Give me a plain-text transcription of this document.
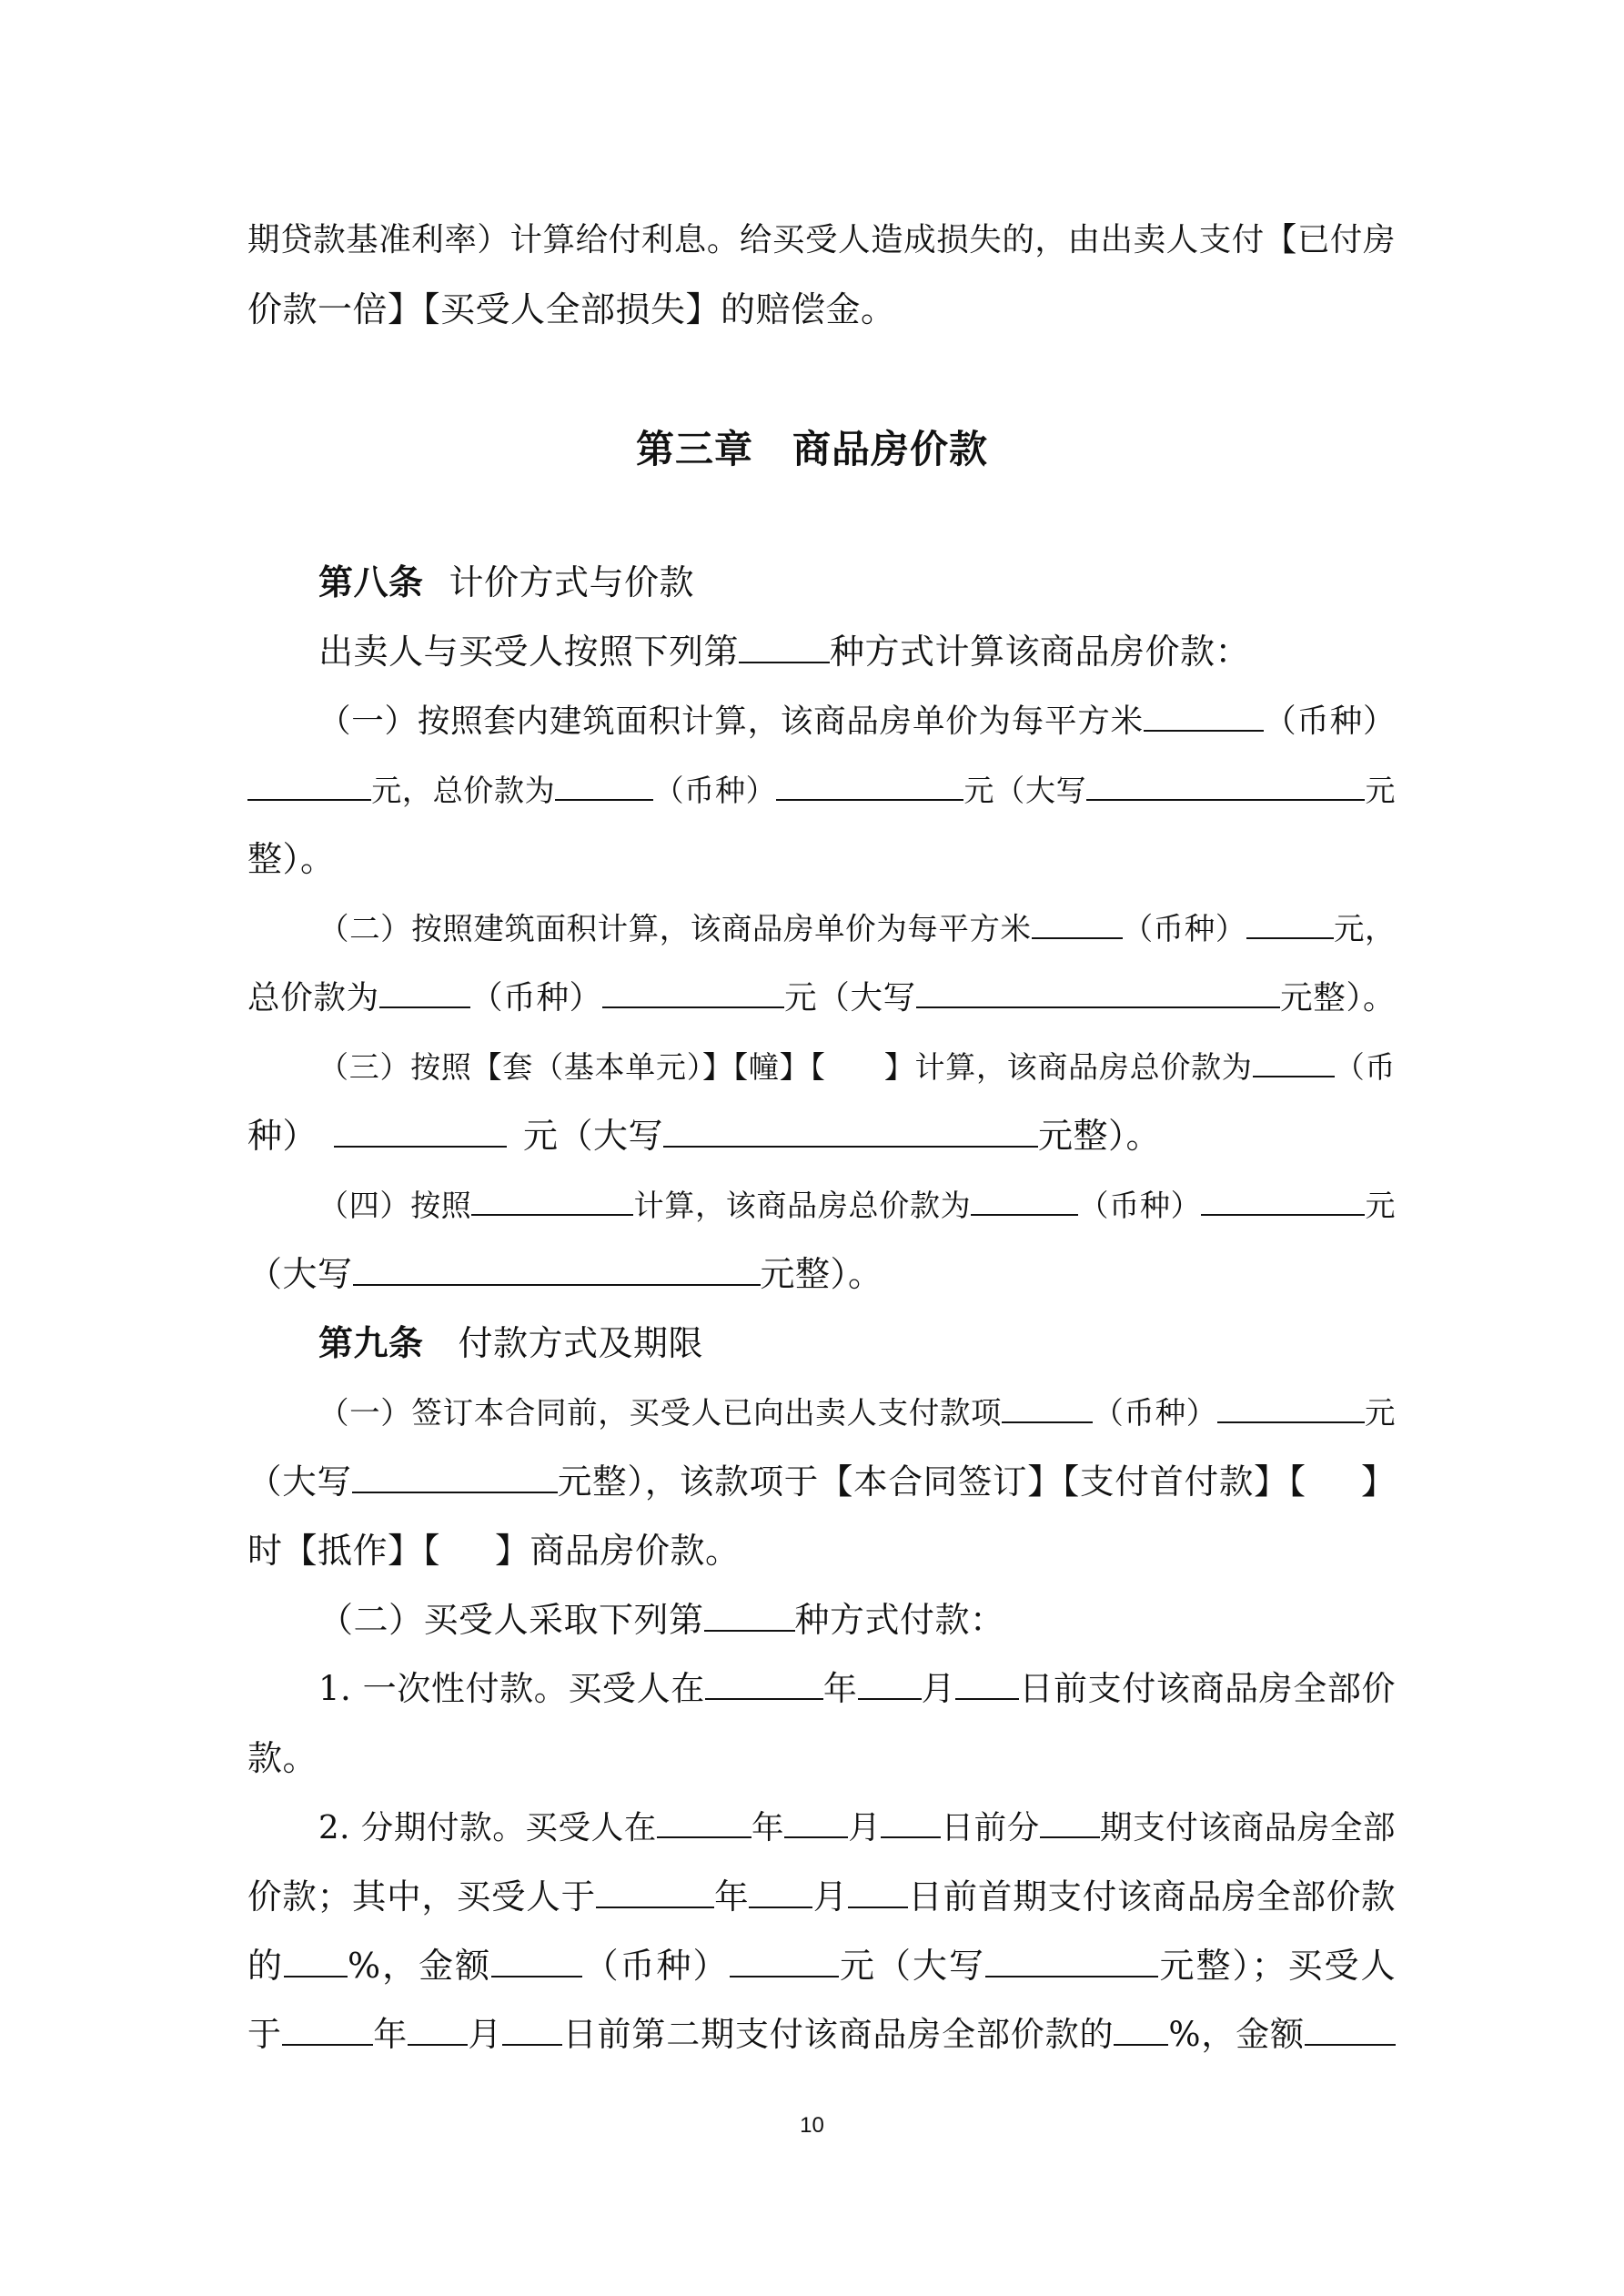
期贷款基准利率）计算给付利息。给买受人造成损失的，由出卖人支付【已付房
价款一倍】【买受人全部损失】的赔偿金。
第三章　商品房价款
第八条 计价方式与价款
出卖人与买受人按照下列第	种方式计算该商品房价款：
（一）按照套内建筑面积计算，该商品房单价为每平方米	（币种）
元，总价款为	（币种）	元（大写	元
整）。
（二）按照建筑面积计算，该商品房单价为每平方米	（币种）	元，
总价款为	（币种）	元（大写	元整）。
（三）按照【套（基本单元）】【幢】【 】计算，该商品房总价款为	（币
种）	元（大写	元整）。
（四）按照	计算，该商品房总价款为	（币种）	元
（大写	元整）。
第九条 付款方式及期限
（一）签订本合同前，买受人已向出卖人支付款项	（币种）	元
（大写	元整），该款项于【本合同签订】【支付首付款】【 】
时【抵作】【 】商品房价款。
（二）买受人采取下列第	种方式付款：
1. 一次性付款。买受人在	年 月 日前支付该商品房全部价
款。
2. 分期付款。买受人在	年 月 日前分 期支付该商品房全部
价款；其中，买受人于	年 月 日前首期支付该商品房全部价款
的 %，金额	（币种）	元（大写	元整）；买受人
于	年 月 日前第二期支付该商品房全部价款的 %，金额
10
